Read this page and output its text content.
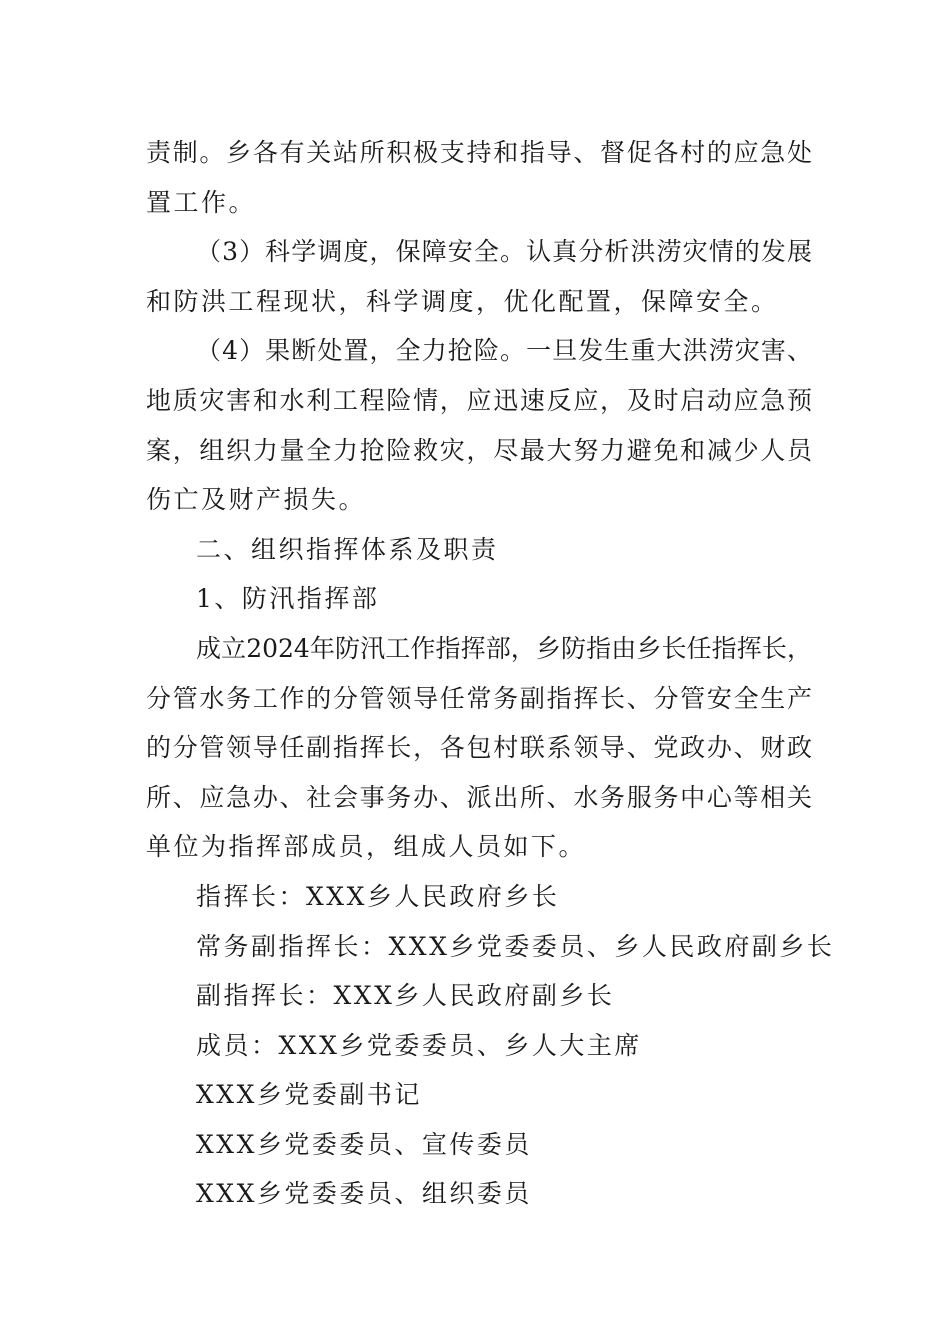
责制。乡各有关站所积极支持和指导、督促各村的应急处
置工作。
（3）科学调度，保障安全。认真分析洪涝灾情的发展
和防洪工程现状，科学调度，优化配置，保障安全。
（4）果断处置，全力抢险。一旦发生重大洪涝灾害、
地质灾害和水利工程险情，应迅速反应，及时启动应急预
案，组织力量全力抢险救灾，尽最大努力避免和减少人员
伤亡及财产损失。
二、组织指挥体系及职责
1、防汛指挥部
成立2024年防汛工作指挥部，乡防指由乡长任指挥长，
分管水务工作的分管领导任常务副指挥长、分管安全生产
的分管领导任副指挥长，各包村联系领导、党政办、财政
所、应急办、社会事务办、派出所、水务服务中心等相关
单位为指挥部成员，组成人员如下。
指挥长：XXX乡人民政府乡长
常务副指挥长：XXX乡党委委员、乡人民政府副乡长
副指挥长：XXX乡人民政府副乡长
成员：XXX乡党委委员、乡人大主席
XXX乡党委副书记
XXX乡党委委员、宣传委员
XXX乡党委委员、组织委员
